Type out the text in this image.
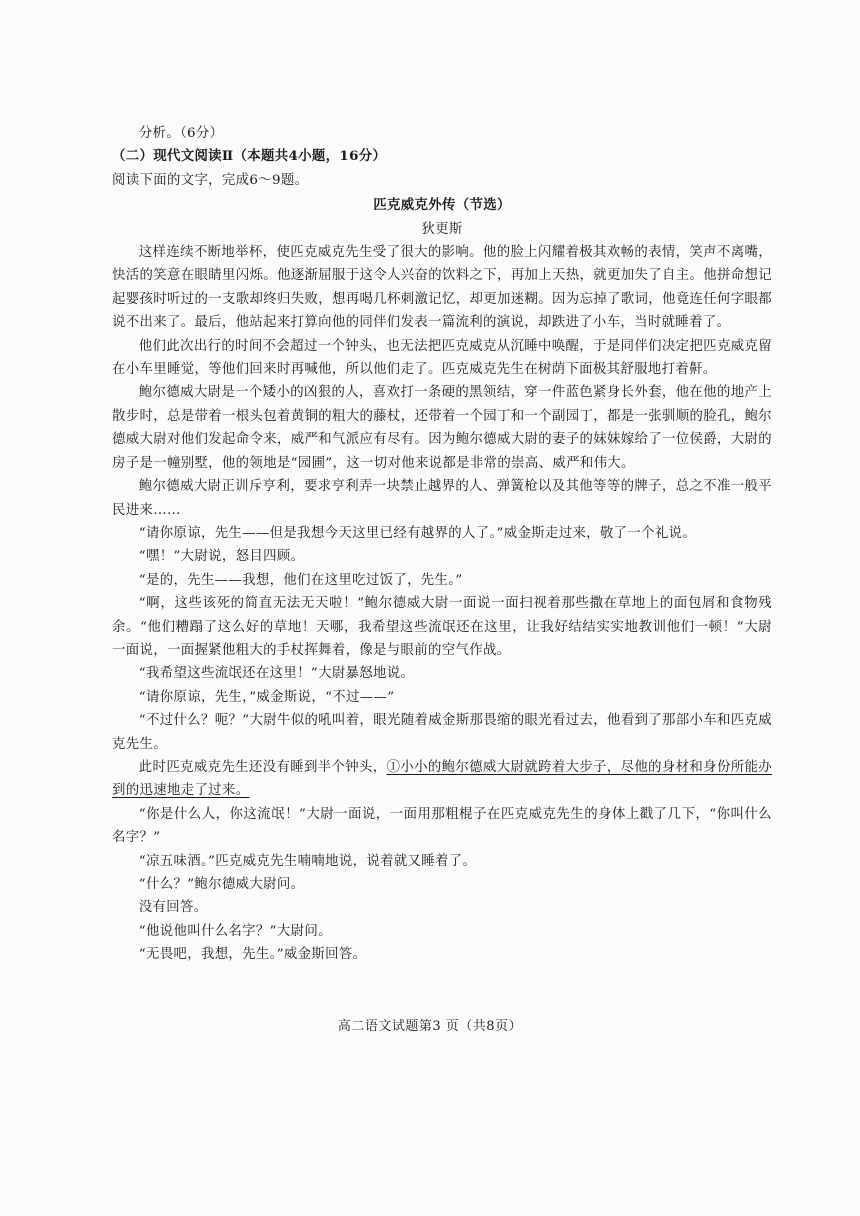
分析。（6分）

（二）现代文阅读Ⅱ（本题共4小题，16分）

阅读下面的文字，完成6～9题。

匹克威克外传（节选）

狄更斯

这样连续不断地举杯，使匹克威克先生受了很大的影响。他的脸上闪耀着极其欢畅的表情，笑声不离嘴，快活的笑意在眼睛里闪烁。他逐渐屈服于这令人兴奋的饮料之下，再加上天热，就更加失了自主。他拼命想记起婴孩时听过的一支歌却终归失败，想再喝几杯刺激记忆，却更加迷糊。因为忘掉了歌词，他竟连任何字眼都说不出来了。最后，他站起来打算向他的同伴们发表一篇流利的演说，却跌进了小车，当时就睡着了。

他们此次出行的时间不会超过一个钟头，也无法把匹克威克从沉睡中唤醒，于是同伴们决定把匹克威克留在小车里睡觉，等他们回来时再喊他，所以他们走了。匹克威克先生在树荫下面极其舒服地打着鼾。

鲍尔德威大尉是一个矮小的凶狠的人，喜欢打一条硬的黑领结，穿一件蓝色紧身长外套，他在他的地产上散步时，总是带着一根头包着黄铜的粗大的藤杖，还带着一个园丁和一个副园丁，都是一张驯顺的脸孔，鲍尔德威大尉对他们发起命令来，威严和气派应有尽有。因为鲍尔德威大尉的妻子的妹妹嫁给了一位侯爵，大尉的房子是一幢别墅，他的领地是“园圃”，这一切对他来说都是非常的崇高、威严和伟大。

鲍尔德威大尉正训斥亨利，要求亨利弄一块禁止越界的人、弹簧枪以及其他等等的牌子，总之不准一般平民进来……

“请你原谅，先生——但是我想今天这里已经有越界的人了。”威金斯走过来，敬了一个礼说。

“嘿！”大尉说，怒目四顾。

“是的，先生——我想，他们在这里吃过饭了，先生。”

“啊，这些该死的简直无法无天啦！”鲍尔德威大尉一面说一面扫视着那些撒在草地上的面包屑和食物残余。“他们糟蹋了这么好的草地！天哪，我希望这些流氓还在这里，让我好结结实实地教训他们一顿！”大尉一面说，一面握紧他粗大的手杖挥舞着，像是与眼前的空气作战。

“我希望这些流氓还在这里！”大尉暴怒地说。

“请你原谅，先生，”威金斯说，“不过——”

“不过什么？呃？”大尉牛似的吼叫着，眼光随着威金斯那畏缩的眼光看过去，他看到了那部小车和匹克威克先生。

此时匹克威克先生还没有睡到半个钟头，①小小的鲍尔德威大尉就跨着大步子，尽他的身材和身份所能办到的迅速地走了过来。

“你是什么人，你这流氓！”大尉一面说，一面用那粗棍子在匹克威克先生的身体上戳了几下，“你叫什么名字？”

“凉五味酒。”匹克威克先生喃喃地说，说着就又睡着了。

“什么？”鲍尔德威大尉问。

没有回答。

“他说他叫什么名字？”大尉问。

“无畏吧，我想，先生。”威金斯回答。

高二语文试题第3 页（共8页）
